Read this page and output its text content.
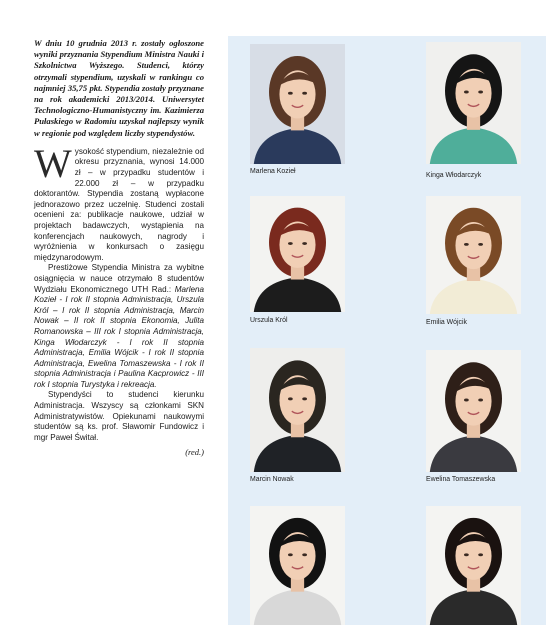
W dniu 10 grudnia 2013 r. zostały ogłoszone wyniki przyznania Stypendium Ministra Nauki i Szkolnictwa Wyższego. Studenci, którzy otrzymali stypendium, uzyskali w rankingu co najmniej 35,75 pkt. Stypendia zostały przyznane na rok akademicki 2013/2014. Uniwersytet Technologiczno-Humanistyczny im. Kazimierza Pułaskiego w Radomiu uzyskał najlepszy wynik w regionie pod względem liczby stypendystów.

Wysokość stypendium, niezależnie od okresu przyznania, wynosi 14.000 zł – w przypadku studentów i 22.000 zł – w przypadku doktorantów. Stypendia zostaną wypłacone jednorazowo przez uczelnię. Studenci zostali ocenieni za: publikacje naukowe, udział w projektach badawczych, wystąpienia na konferencjach naukowych, nagrody i wyróżnienia w konkursach o zasięgu międzynarodowym.

Prestiżowe Stypendia Ministra za wybitne osiągnięcia w nauce otrzymało 8 studentów Wydziału Ekonomicznego UTH Rad.: Marlena Kozieł - I rok II stopnia Administracja, Urszula Król – I rok II stopnia Administracja, Marcin Nowak – II rok II stopnia Ekonomia, Julita Romanowska – III rok I stopnia Administracja, Kinga Włodarczyk - I rok II stopnia Administracja, Emilia Wójcik - I rok II stopnia Administracja, Ewelina Tomaszewska - I rok II stopnia Administracja i Paulina Kacprowicz - III rok I stopnia Turystyka i rekreacja.

Stypendyści to studenci kierunku Administracja. Wszyscy są członkami SKN Administratywistów. Opiekunami naukowymi studentów są ks. prof. Sławomir Fundowicz i mgr Paweł Świtał.

(red.)
Marlena Kozieł
Kinga Włodarczyk
Urszula Król	Emilia Wójcik
Marcin Nowak	Ewelina Tomaszewska
